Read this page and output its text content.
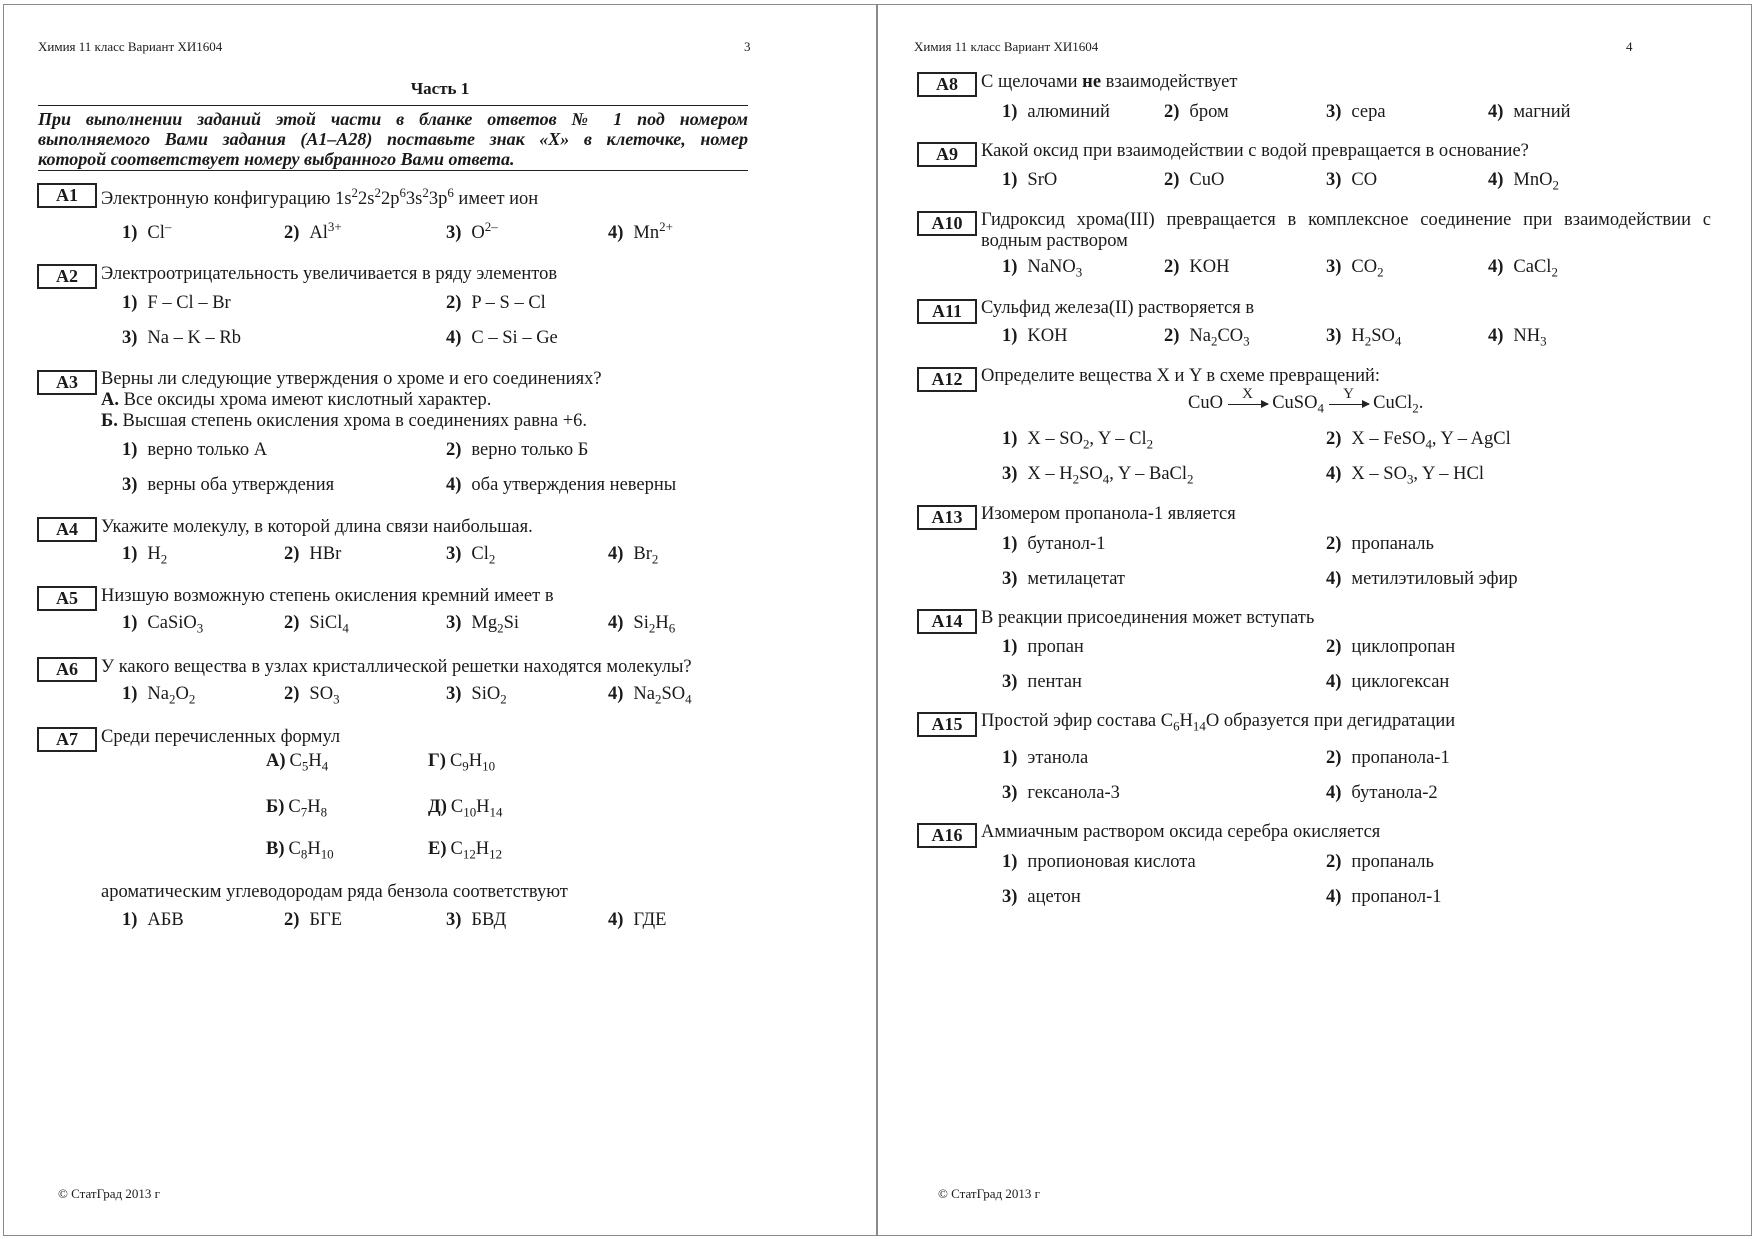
Химия 11 класс Вариант ХИ1604	3
Часть 1
При выполнении заданий этой части в бланке ответов № 1 под номером
выполняемого Вами задания (А1–А28) поставьте знак «X» в клеточке, номер
которой соответствует номеру выбранного Вами ответа.
A1	Электронную конфигурацию $1s^22s^22p^63s^23p^6$ имеет ион
1) Cl–	2) $Al^{3+}$	3) $O^{2-}$	4) $Mn^{2+}$
A2	Электроотрицательность увеличивается в ряду элементов
1) F – Cl – Br	2) P – S – Cl
3) Na – K – Rb	4) C – Si – Ge
A3	Верны ли следующие утверждения о хроме и его соединениях?
А. Все оксиды хрома имеют кислотный характер.
Б. Высшая степень окисления хрома в соединениях равна +6.
1) верно только А	2) верно только Б
3) верны оба утверждения	4) оба утверждения неверны
A4	Укажите молекулу, в которой длина связи наибольшая.
1) $H_2$	2) HBr	3) $Cl_2$	4) $Br_2$
A5	Низшую возможную степень окисления кремний имеет в
1) CaSiO$_3$	2) SiCl$_4$	3) $Mg_2Si$	4) $Si_2H_6$
A6	У какого вещества в узлах кристаллической решетки находятся молекулы?
1) $Na_2O_2$	2) $SO_3$	3) SiO$_2$	4) $Na_2SO_4$
A7	Среди перечисленных формул
А) $C_5H_4$	Г) $C_9H_{10}$
Б) $C_7H_8$	Д) $C_{10}H_{14}$
В) $C_8H_{10}$	Е) $C_{12}H_{12}$
ароматическим углеводородам ряда бензола соответствуют
1) АБВ	2) БГЕ	3) БВД	4) ГДЕ
© СтатГрад 2013 г
Химия 11 класс Вариант ХИ1604	4
A8	С щелочами не взаимодействует
1) алюминий	2) бром	3) сера	4) магний
A9	Какой оксид при взаимодействии с водой превращается в основание?
1) SrO	2) CuO	3) CO	4) MnO$_2$
A10	Гидроксид хрома(III) превращается в комплексное соединение при взаимодействии с водным раствором
1) NaNO$_3$	2) KOH	3) $CO_2$	4) CaCl$_2$
A11	Сульфид железа(II) растворяется в
1) KOH	2) $Na_2CO_3$	3) $H_2SO_4$	4) $NH_3$
A12	Определите вещества X и Y в схеме превращений:
CuO	X	CuSO$_4$
Y	CuCl$_2$.
1) X – $SO_2$, Y – $Cl_2$	2) X – FeSO$_4$, Y – AgCl
3) X – $H_2SO_4$, Y – BaCl$_2$	4) X – $SO_3$, Y – HCl
A13	Изомером пропанола-1 является
1) бутанол-1	2) пропаналь
3) метилацетат	4) метилэтиловый эфир
A14	В реакции присоединения может вступать
1) пропан	2) циклопропан
3) пентан	4) циклогексан
A15	Простой эфир состава $C_6H_{14}O$ образуется при дегидратации
1) этанола	2) пропанола-1
3) гексанола-3	4) бутанола-2
A16	Аммиачным раствором оксида серебра окисляется
1) пропионовая кислота	2) пропаналь
3) ацетон	4) пропанол-1
© СтатГрад 2013 г
